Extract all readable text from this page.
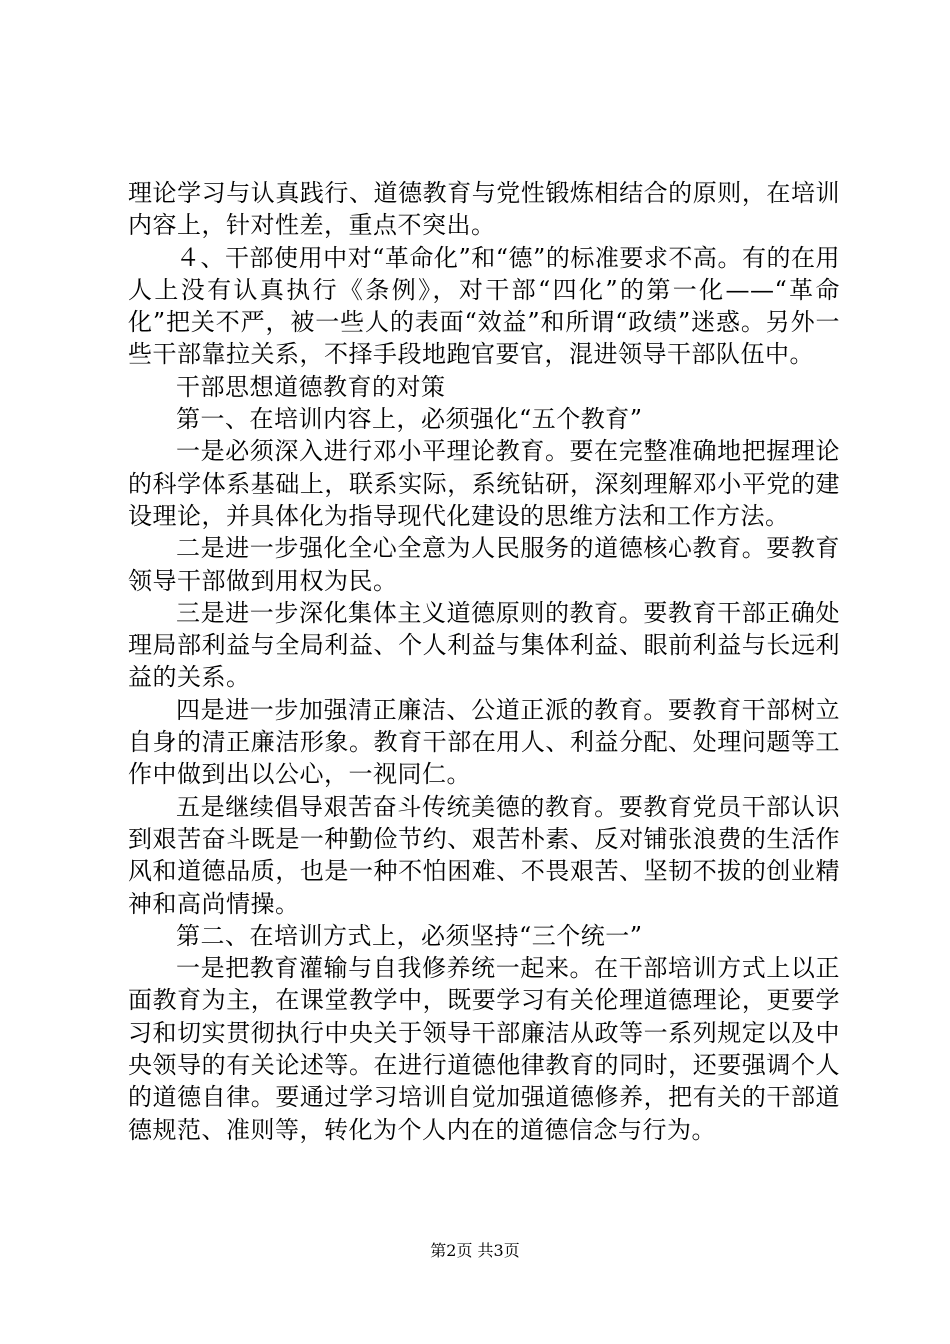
理论学习与认真践行、道德教育与党性锻炼相结合的原则，在培训内容上，针对性差，重点不突出。

４、干部使用中对“革命化”和“德”的标准要求不高。有的在用人上没有认真执行《条例》，对干部“四化”的第一化——“革命化”把关不严，被一些人的表面“效益”和所谓“政绩”迷惑。另外一些干部靠拉关系，不择手段地跑官要官，混进领导干部队伍中。

干部思想道德教育的对策

第一、在培训内容上，必须强化“五个教育”

一是必须深入进行邓小平理论教育。要在完整准确地把握理论的科学体系基础上，联系实际，系统钻研，深刻理解邓小平党的建设理论，并具体化为指导现代化建设的思维方法和工作方法。

二是进一步强化全心全意为人民服务的道德核心教育。要教育领导干部做到用权为民。

三是进一步深化集体主义道德原则的教育。要教育干部正确处理局部利益与全局利益、个人利益与集体利益、眼前利益与长远利益的关系。

四是进一步加强清正廉洁、公道正派的教育。要教育干部树立自身的清正廉洁形象。教育干部在用人、利益分配、处理问题等工作中做到出以公心，一视同仁。

五是继续倡导艰苦奋斗传统美德的教育。要教育党员干部认识到艰苦奋斗既是一种勤俭节约、艰苦朴素、反对铺张浪费的生活作风和道德品质，也是一种不怕困难、不畏艰苦、坚韧不拔的创业精神和高尚情操。

第二、在培训方式上，必须坚持“三个统一”

一是把教育灌输与自我修养统一起来。在干部培训方式上以正面教育为主，在课堂教学中，既要学习有关伦理道德理论，更要学习和切实贯彻执行中央关于领导干部廉洁从政等一系列规定以及中央领导的有关论述等。在进行道德他律教育的同时，还要强调个人的道德自律。要通过学习培训自觉加强道德修养，把有关的干部道德规范、准则等，转化为个人内在的道德信念与行为。

第2页 共3页
